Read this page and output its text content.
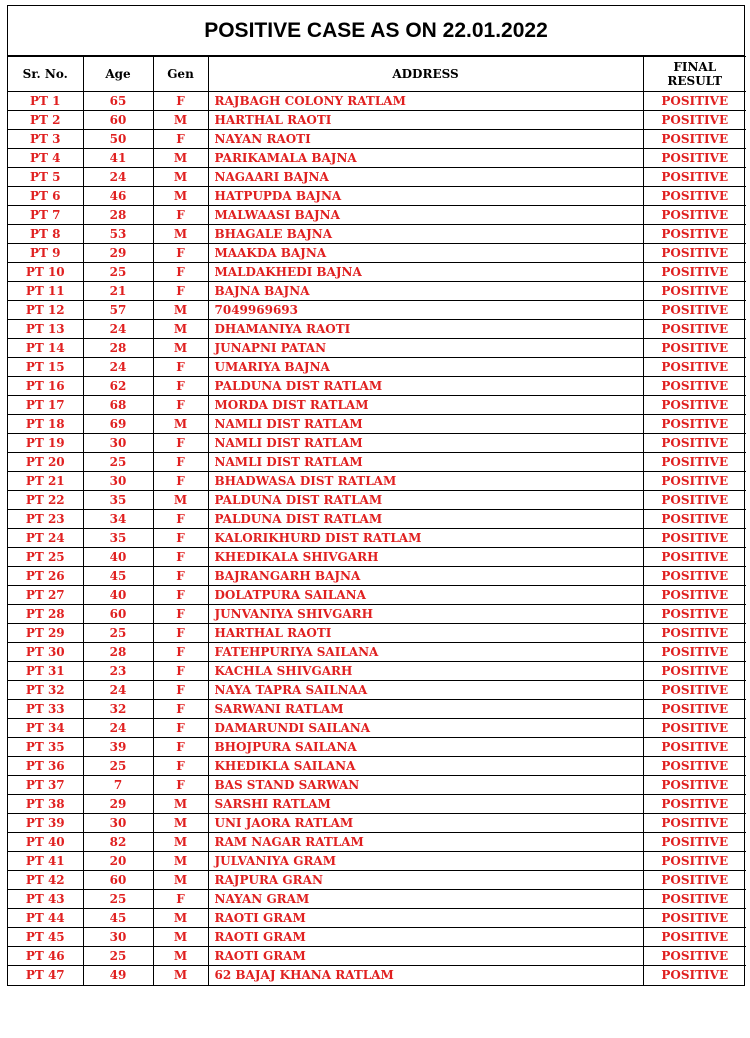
POSITIVE CASE AS ON 22.01.2022
Sr. No.	Age	Gen	ADDRESS	FINAL
RESULT

PT 1	65	F	RAJBAGH COLONY RATLAM	POSITIVE
PT 2	60	M	HARTHAL RAOTI	POSITIVE
PT 3	50	F	NAYAN RAOTI	POSITIVE
PT 4	41	M	PARIKAMALA BAJNA	POSITIVE
PT 5	24	M	NAGAARI BAJNA	POSITIVE
PT 6	46	M	HATPUPDA BAJNA	POSITIVE
PT 7	28	F	MALWAASI BAJNA	POSITIVE
PT 8	53	M	BHAGALE BAJNA	POSITIVE
PT 9	29	F	MAAKDA BAJNA	POSITIVE
PT 10	25	F	MALDAKHEDI BAJNA	POSITIVE
PT 11	21	F	BAJNA BAJNA	POSITIVE
PT 12	57	M	7049969693	POSITIVE
PT 13	24	M	DHAMANIYA RAOTI	POSITIVE
PT 14	28	M	JUNAPNI PATAN	POSITIVE
PT 15	24	F	UMARIYA BAJNA	POSITIVE
PT 16	62	F	PALDUNA DIST RATLAM	POSITIVE
PT 17	68	F	MORDA DIST RATLAM	POSITIVE
PT 18	69	M	NAMLI DIST RATLAM	POSITIVE
PT 19	30	F	NAMLI DIST RATLAM	POSITIVE
PT 20	25	F	NAMLI DIST RATLAM	POSITIVE
PT 21	30	F	BHADWASA DIST RATLAM	POSITIVE
PT 22	35	M	PALDUNA DIST RATLAM	POSITIVE
PT 23	34	F	PALDUNA DIST RATLAM	POSITIVE
PT 24	35	F	KALORIKHURD DIST RATLAM	POSITIVE
PT 25	40	F	KHEDIKALA SHIVGARH	POSITIVE
PT 26	45	F	BAJRANGARH BAJNA	POSITIVE
PT 27	40	F	DOLATPURA SAILANA	POSITIVE
PT 28	60	F	JUNVANIYA SHIVGARH	POSITIVE
PT 29	25	F	HARTHAL RAOTI	POSITIVE
PT 30	28	F	FATEHPURIYA SAILANA	POSITIVE
PT 31	23	F	KACHLA SHIVGARH	POSITIVE
PT 32	24	F	NAYA TAPRA SAILNAA	POSITIVE
PT 33	32	F	SARWANI RATLAM	POSITIVE
PT 34	24	F	DAMARUNDI SAILANA	POSITIVE
PT 35	39	F	BHOJPURA SAILANA	POSITIVE
PT 36	25	F	KHEDIKLA SAILANA	POSITIVE
PT 37	7	F	BAS STAND SARWAN	POSITIVE
PT 38	29	M	SARSHI RATLAM	POSITIVE
PT 39	30	M	UNI JAORA RATLAM	POSITIVE
PT 40	82	M	RAM NAGAR RATLAM	POSITIVE
PT 41	20	M	JULVANIYA GRAM	POSITIVE
PT 42	60	M	RAJPURA GRAN	POSITIVE
PT 43	25	F	NAYAN GRAM	POSITIVE
PT 44	45	M	RAOTI GRAM	POSITIVE
PT 45	30	M	RAOTI GRAM	POSITIVE
PT 46	25	M	RAOTI GRAM	POSITIVE
PT 47	49	M	62 BAJAJ KHANA RATLAM	POSITIVE
